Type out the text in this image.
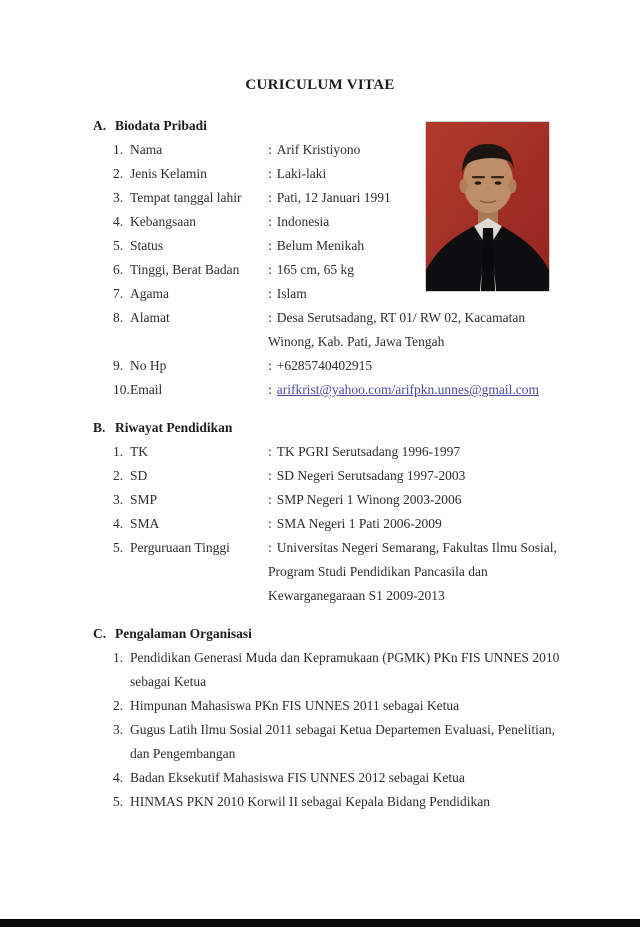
CURICULUM VITAE
A. Biodata Pribadi
1. Nama	: Arif Kristiyono
2. Jenis Kelamin	: Laki-laki
3. Tempat tanggal lahir	: Pati, 12 Januari 1991
4. Kebangsaan	: Indonesia
5. Status	: Belum Menikah
6. Tinggi, Berat Badan	: 165 cm, 65 kg
7. Agama	: Islam
8. Alamat	: Desa Serutsadang, RT 01/ RW 02, Kacamatan
Winong, Kab. Pati, Jawa Tengah
9. No Hp	: +6285740402915
10. Email	: arifkrist@yahoo.com/arifpkn.unnes@gmail.com
B. Riwayat Pendidikan
1. TK	: TK PGRI Serutsadang 1996-1997
2. SD	: SD Negeri Serutsadang 1997-2003
3. SMP	: SMP Negeri 1 Winong 2003-2006
4. SMA	: SMA Negeri 1 Pati 2006-2009
5. Perguruaan Tinggi	: Universitas Negeri Semarang, Fakultas Ilmu Sosial,
Program Studi Pendidikan Pancasila dan
Kewarganegaraan S1 2009-2013
C. Pengalaman Organisasi
1. Pendidikan Generasi Muda dan Kepramukaan (PGMK) PKn FIS UNNES 2010
sebagai Ketua
2. Himpunan Mahasiswa PKn FIS UNNES 2011 sebagai Ketua
3. Gugus Latih Ilmu Sosial 2011 sebagai Ketua Departemen Evaluasi, Penelitian,
dan Pengembangan
4. Badan Eksekutif Mahasiswa FIS UNNES 2012 sebagai Ketua
5. HINMAS PKN 2010 Korwil II sebagai Kepala Bidang Pendidikan
